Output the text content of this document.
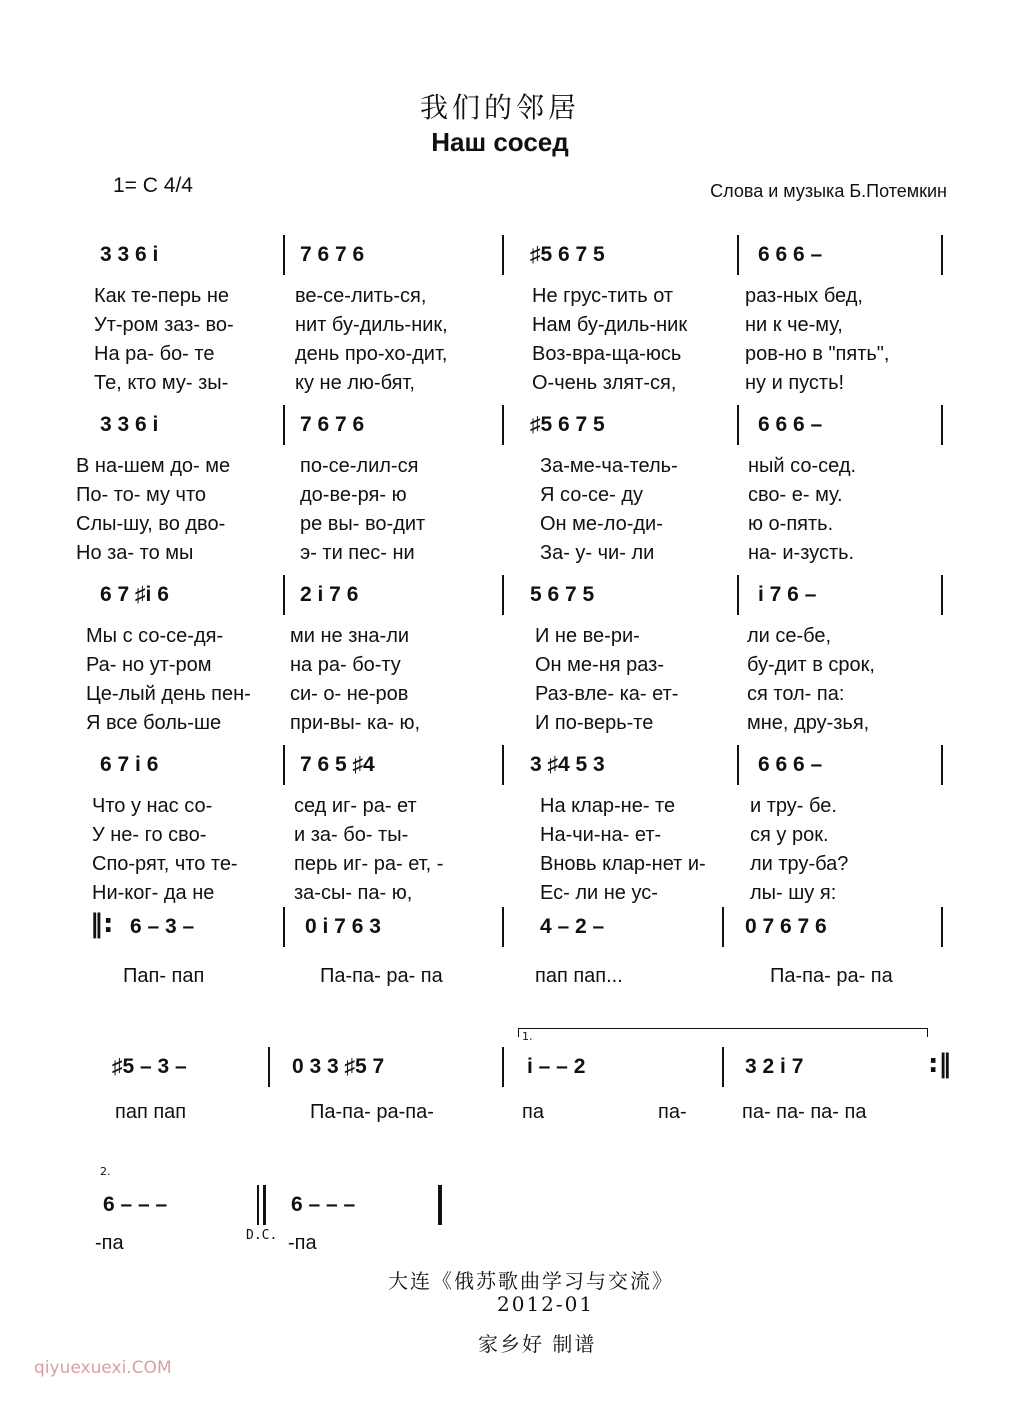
我们的邻居
Наш сосед
1= C 4/4	Слова и музыка Б.Потемкин
3 3 6 i	7 6 7 6	♯5 6 7 5	6 6 6 –
Как те-перь не	ве-се-лить-ся,	Не грус-тить от	раз-ных бед,
Ут-ром заз- во-	нит бу-диль-ник,	Нам бу-диль-ник	ни к че-му,
На ра- бо- те	день про-хо-дит,	Воз-вра-ща-юсь	ров-но в "пять",
Те, кто му- зы-	ку не лю-бят,	О-чень злят-ся,	ну и пусть!
3 3 6 i	7 6 7 6	♯5 6 7 5	6 6 6 –
В на-шем до- ме	по-се-лил-ся	За-ме-ча-тель-	ный со-сед.
По- то- му что	до-ве-ря- ю	Я со-се- ду	сво- е- му.
Слы-шу, во дво-	ре вы- во-дит	Он ме-ло-ди-	ю о-пять.
Но за- то мы	э- ти пес- ни	За- у- чи- ли	на- и-зусть.
6 7 ♯i 6	2 i 7 6	5 6 7 5	i 7 6 –
Мы с со-се-дя-	ми не зна-ли	И не ве-ри-	ли се-бе,
Ра- но ут-ром	на ра- бо-ту	Он ме-ня раз-	бу-дит в срок,
Це-лый день пен- си- о- не-ров	Раз-вле- ка- ет-	ся тол- па:
Я все боль-ше	при-вы- ка- ю,	И по-верь-те	мне, дру-зья,
6 7 i 6	7 6 5 ♯4	3 ♯4 5 3	6 6 6 –
Что у нас со-	сед иг- ра- ет	На клар-не- те	и тру- бе.
У не- го сво-	и за- бо- ты-	На-чи-на- ет-	ся у рок.
Спо-рят, что те-	перь иг- ра- ет, -	Вновь клар-нет и- ли тру-ба?
Ни-ког- да не	за-сы- па- ю,	Ес- ли не ус-	лы- шу я:
‖: 6 – 3 –	0 i 7 6 3	4 – 2 –	0 7 6 7 6
Пап- пап	Па-па- ра- па	пап пап...	Па-па- ра- па
1.
♯5 – 3 –	0 3 3 ♯5 7	i – – 2	3 2 i 7	:‖
пап пап	Па-па- ра-па-	па	па-	па- па- па- па
2.
6 – – –	6 – – –
-па	D.C. -па
大连《俄苏歌曲学习与交流》
2012-01
家乡好 制谱
qiyuexuexi.COM
